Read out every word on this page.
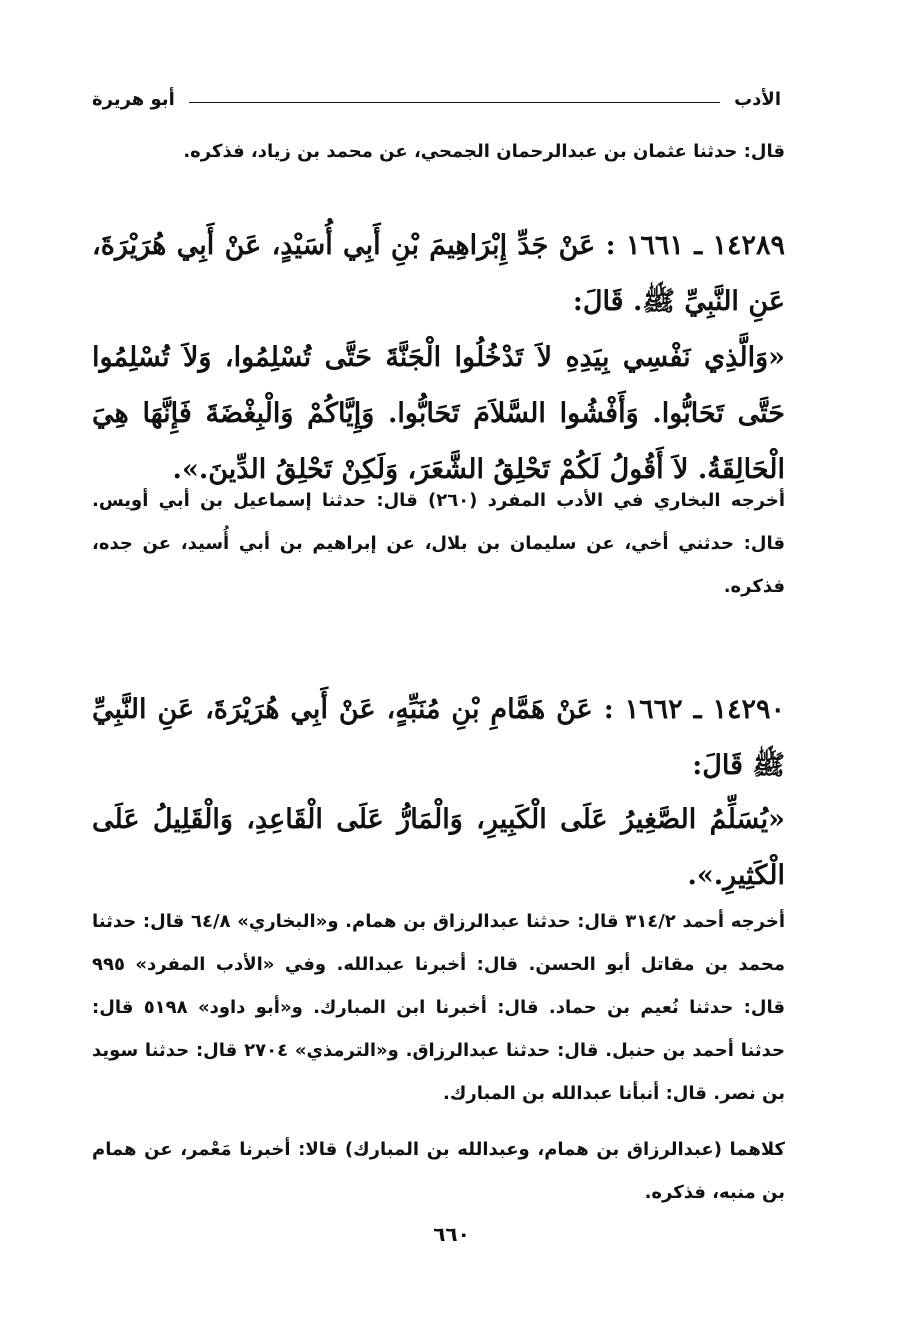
الأدب
أبو هريرة
قال: حدثنا عثمان بن عبدالرحمان الجمحي، عن محمد بن زياد، فذكره.
١٤٢٨٩ ـ ١٦٦١ : عَنْ جَدِّ إِبْرَاهِيمَ بْنِ أَبِي أُسَيْدٍ، عَنْ أَبِي هُرَيْرَةَ، عَنِ النَّبِيِّ ﷺ. قَالَ:
«وَالَّذِي نَفْسِي بِيَدِهِ لاَ تَدْخُلُوا الْجَنَّةَ حَتَّى تُسْلِمُوا، وَلاَ تُسْلِمُوا حَتَّى تَحَابُّوا. وَأَفْشُوا السَّلاَمَ تَحَابُّوا. وَإِيَّاكُمْ وَالْبِغْضَةَ فَإِنَّهَا هِيَ الْحَالِقَةُ. لاَ أَقُولُ لَكُمْ تَحْلِقُ الشَّعَرَ، وَلَكِنْ تَحْلِقُ الدِّينَ.».
أخرجه البخاري في الأدب المفرد (٢٦٠) قال: حدثنا إسماعيل بن أبي أويس. قال: حدثني أخي، عن سليمان بن بلال، عن إبراهيم بن أبي أُسيد، عن جده، فذكره.
١٤٢٩٠ ـ ١٦٦٢ : عَنْ هَمَّامِ بْنِ مُنَبِّهٍ، عَنْ أَبِي هُرَيْرَةَ، عَنِ النَّبِيِّ ﷺ قَالَ:
«يُسَلِّمُ الصَّغِيرُ عَلَى الْكَبِيرِ، وَالْمَارُّ عَلَى الْقَاعِدِ، وَالْقَلِيلُ عَلَى الْكَثِيرِ.».
أخرجه أحمد ٣١٤/٢ قال: حدثنا عبدالرزاق بن همام. و«البخاري» ٦٤/٨ قال: حدثنا محمد بن مقاتل أبو الحسن. قال: أخبرنا عبدالله. وفي «الأدب المفرد» ٩٩٥ قال: حدثنا نُعيم بن حماد. قال: أخبرنا ابن المبارك. و«أبو داود» ٥١٩٨ قال: حدثنا أحمد بن حنبل. قال: حدثنا عبدالرزاق. و«الترمذي» ٢٧٠٤ قال: حدثنا سويد بن نصر. قال: أنبأنا عبدالله بن المبارك.
كلاهما (عبدالرزاق بن همام، وعبدالله بن المبارك) قالا: أخبرنا مَعْمر، عن همام بن منبه، فذكره.
٦٦٠
